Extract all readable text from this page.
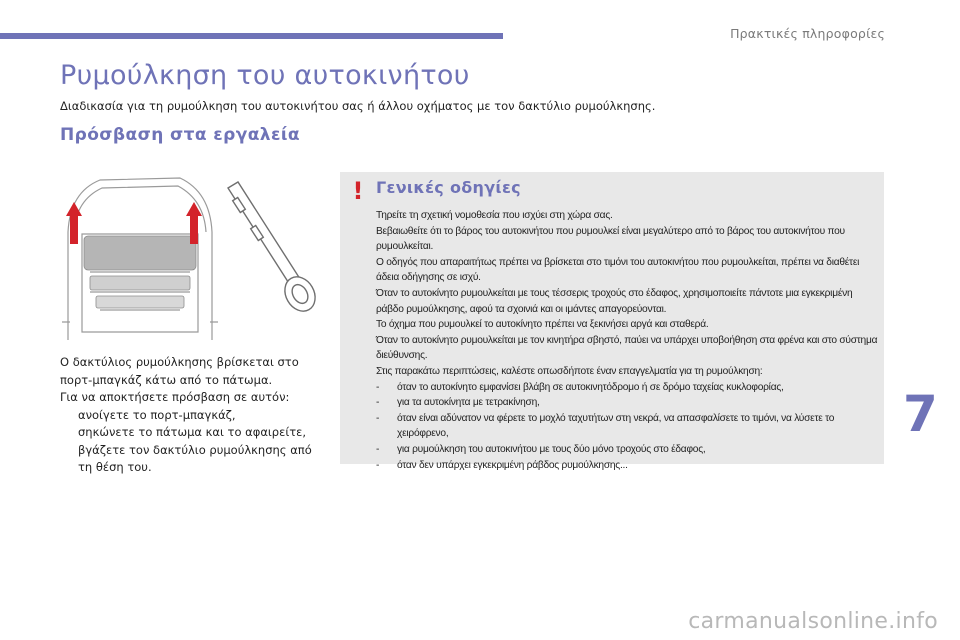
Πρακτικές πληροφορίες
Ρυμούλκηση του αυτοκινήτου

Διαδικασία για τη ρυμούλκηση του αυτοκινήτου σας ή άλλου οχήματος με τον δακτύλιο ρυμούλκησης.

Πρόσβαση στα εργαλεία

Ο δακτύλιος ρυμούλκησης βρίσκεται στο πορτ-μπαγκάζ κάτω από το πάτωμα.

Για να αποκτήσετε πρόσβαση σε αυτόν:

ανοίγετε το πορτ-μπαγκάζ,
σηκώνετε το πάτωμα και το αφαιρείτε,
βγάζετε τον δακτύλιο ρυμούλκησης από τη θέση του.
! Γενικές οδηγίες

Τηρείτε τη σχετική νομοθεσία που ισχύει στη χώρα σας.

Βεβαιωθείτε ότι το βάρος του αυτοκινήτου που ρυμουλκεί είναι μεγαλύτερο από το βάρος του αυτοκινήτου που ρυμουλκείται.

Ο οδηγός που απαραιτήτως πρέπει να βρίσκεται στο τιμόνι του αυτοκινήτου που ρυμουλκείται, πρέπει να διαθέτει άδεια οδήγησης σε ισχύ.

Όταν το αυτοκίνητο ρυμουλκείται με τους τέσσερις τροχούς στο έδαφος, χρησιμοποιείτε πάντοτε μια εγκεκριμένη ράβδο ρυμούλκησης, αφού τα σχοινιά και οι ιμάντες απαγορεύονται.

Το όχημα που ρυμουλκεί το αυτοκίνητο πρέπει να ξεκινήσει αργά και σταθερά.

Όταν το αυτοκίνητο ρυμουλκείται με τον κινητήρα σβηστό, παύει να υπάρχει υποβοήθηση στα φρένα και στο σύστημα διεύθυνσης.

Στις παρακάτω περιπτώσεις, καλέστε οπωσδήποτε έναν επαγγελματία για τη ρυμούλκηση:

- όταν το αυτοκίνητο εμφανίσει βλάβη σε αυτοκινητόδρομο ή σε δρόμο ταχείας κυκλοφορίας,
- για τα αυτοκίνητα με τετρακίνηση,
- όταν είναι αδύνατον να φέρετε το μοχλό ταχυτήτων στη νεκρά, να απασφαλίσετε το τιμόνι, να λύσετε το χειρόφρενο,
- για ρυμούλκηση του αυτοκινήτου με τους δύο μόνο τροχούς στο έδαφος,
- όταν δεν υπάρχει εγκεκριμένη ράβδος ρυμούλκησης...
7
carmanualsonline.info
